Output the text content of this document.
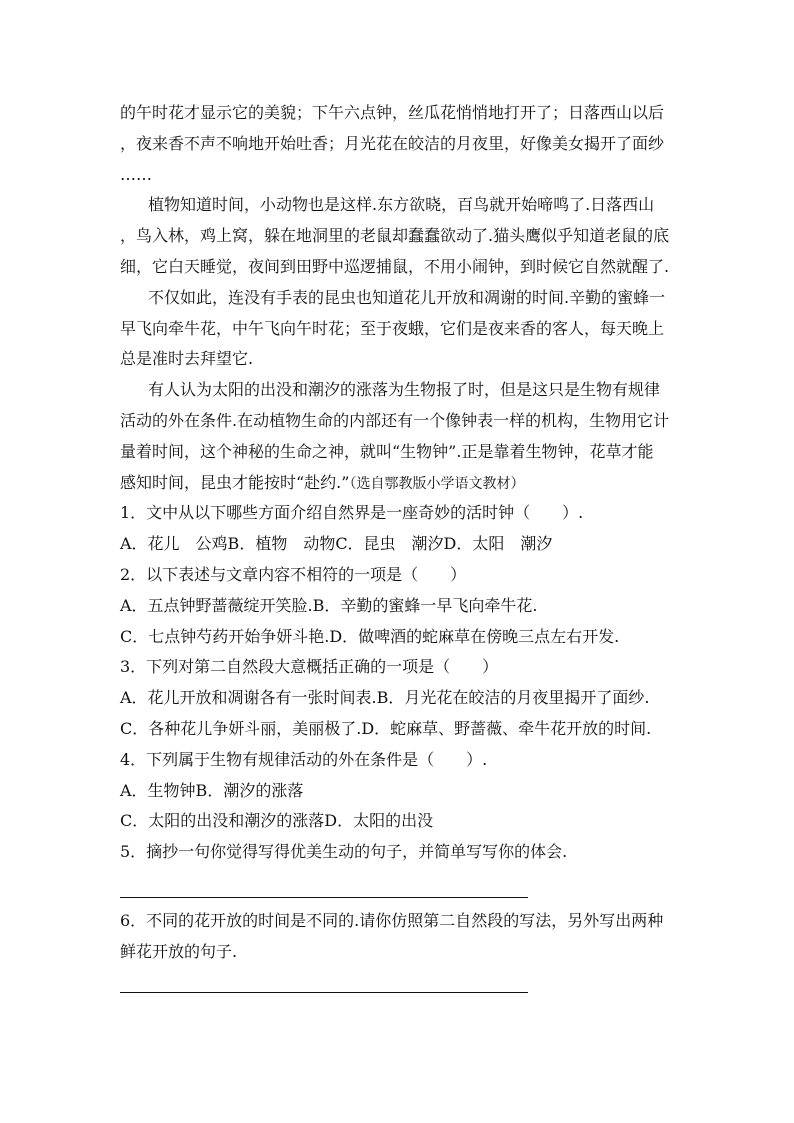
的午时花才显示它的美貌；下午六点钟，丝瓜花悄悄地打开了；日落西山以后
，夜来香不声不响地开始吐香；月光花在皎洁的月夜里，好像美女揭开了面纱
……
植物知道时间，小动物也是这样.东方欲晓，百鸟就开始啼鸣了.日落西山
，鸟入林，鸡上窝，躲在地洞里的老鼠却蠢蠢欲动了.猫头鹰似乎知道老鼠的底
细，它白天睡觉，夜间到田野中巡逻捕鼠，不用小闹钟，到时候它自然就醒了.
不仅如此，连没有手表的昆虫也知道花儿开放和凋谢的时间.辛勤的蜜蜂一
早飞向牵牛花，中午飞向午时花；至于夜蛾，它们是夜来香的客人，每天晚上
总是准时去拜望它.
有人认为太阳的出没和潮汐的涨落为生物报了时，但是这只是生物有规律
活动的外在条件.在动植物生命的内部还有一个像钟表一样的机构，生物用它计
量着时间，这个神秘的生命之神，就叫“生物钟”.正是靠着生物钟，花草才能
感知时间，昆虫才能按时“赴约.”（选自鄂教版小学语文教材）
1．文中从以下哪些方面介绍自然界是一座奇妙的活时钟（　　）.
A．花儿　公鸡B．植物　动物C．昆虫　潮汐D．太阳　潮汐
2．以下表述与文章内容不相符的一项是（　　）
A．五点钟野蔷薇绽开笑脸.B．辛勤的蜜蜂一早飞向牵牛花.
C．七点钟芍药开始争妍斗艳.D．做啤酒的蛇麻草在傍晚三点左右开发.
3．下列对第二自然段大意概括正确的一项是（　　）
A．花儿开放和凋谢各有一张时间表.B．月光花在皎洁的月夜里揭开了面纱.
C．各种花儿争妍斗丽，美丽极了.D．蛇麻草、野蔷薇、牵牛花开放的时间.
4．下列属于生物有规律活动的外在条件是（　　）.
A．生物钟B．潮汐的涨落
C．太阳的出没和潮汐的涨落D．太阳的出没
5．摘抄一句你觉得写得优美生动的句子，并简单写写你的体会.
6．不同的花开放的时间是不同的.请你仿照第二自然段的写法，另外写出两种
鲜花开放的句子.
